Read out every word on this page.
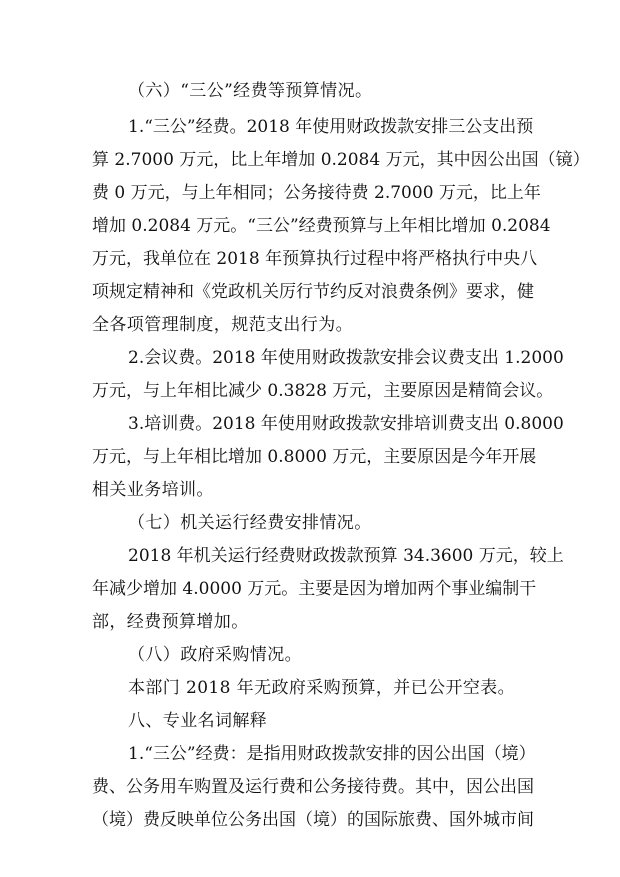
（六）“三公”经费等预算情况。
1.“三公”经费。2018 年使用财政拨款安排三公支出预
算 2.7000 万元，比上年增加 0.2084 万元，其中因公出国（镜）
费 0 万元，与上年相同；公务接待费 2.7000 万元，比上年
增加 0.2084 万元。“三公”经费预算与上年相比增加 0.2084
万元，我单位在 2018 年预算执行过程中将严格执行中央八
项规定精神和《党政机关厉行节约反对浪费条例》要求，健
全各项管理制度，规范支出行为。
2.会议费。2018 年使用财政拨款安排会议费支出 1.2000
万元，与上年相比减少 0.3828 万元，主要原因是精简会议。
3.培训费。2018 年使用财政拨款安排培训费支出 0.8000
万元，与上年相比增加 0.8000 万元，主要原因是今年开展
相关业务培训。
（七）机关运行经费安排情况。
2018 年机关运行经费财政拨款预算 34.3600 万元，较上
年减少增加 4.0000 万元。主要是因为增加两个事业编制干
部，经费预算增加。
（八）政府采购情况。
本部门 2018 年无政府采购预算，并已公开空表。
八、专业名词解释
1.“三公”经费：是指用财政拨款安排的因公出国（境）
费、公务用车购置及运行费和公务接待费。其中，因公出国
（境）费反映单位公务出国（境）的国际旅费、国外城市间
